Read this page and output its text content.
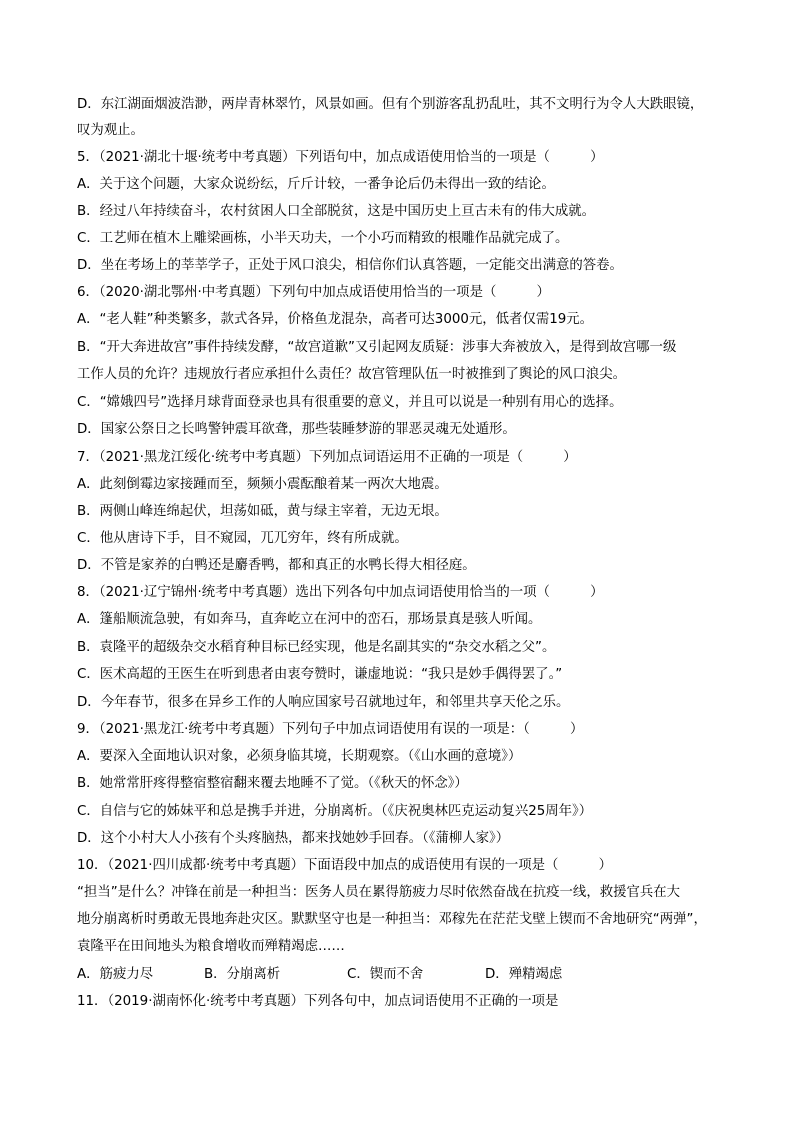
D．东江湖面烟波浩渺，两岸青林翠竹，风景如画。但有个别游客乱扔乱吐，其不文明行为令人大跌眼镜，
叹为观止。
5．（2021·湖北十堰·统考中考真题）下列语句中，加点成语使用恰当的一项是（　　　）
A．关于这个问题，大家众说纷纭，斤斤计较，一番争论后仍未得出一致的结论。
B．经过八年持续奋斗，农村贫困人口全部脱贫，这是中国历史上亘古未有的伟大成就。
C．工艺师在植木上雕梁画栋，小半天功夫，一个小巧而精致的根雕作品就完成了。
D．坐在考场上的莘莘学子，正处于风口浪尖，相信你们认真答题，一定能交出满意的答卷。
6．（2020·湖北鄂州·中考真题）下列句中加点成语使用恰当的一项是（　　　）
A．“老人鞋”种类繁多，款式各异，价格鱼龙混杂，高者可达3000元，低者仅需19元。
B．“开大奔进故宫”事件持续发酵，“故宫道歉”又引起网友质疑：涉事大奔被放入，是得到故宫哪一级
工作人员的允许？违规放行者应承担什么责任？故宫管理队伍一时被推到了舆论的风口浪尖。
C．“嫦娥四号”选择月球背面登录也具有很重要的意义，并且可以说是一种别有用心的选择。
D．国家公祭日之长鸣警钟震耳欲聋，那些装睡梦游的罪恶灵魂无处遁形。
7．（2021·黑龙江绥化·统考中考真题）下列加点词语运用不正确的一项是（　　　）
A．此刻倒霉边家接踵而至，频频小震酝酿着某一两次大地震。
B．两侧山峰连绵起伏，坦荡如砥，黄与绿主宰着，无边无垠。
C．他从唐诗下手，目不窥园，兀兀穷年，终有所成就。
D．不管是家养的白鸭还是麝香鸭，都和真正的水鸭长得大相径庭。
8．（2021·辽宁锦州·统考中考真题）选出下列各句中加点词语使用恰当的一项（　　　）
A．篷船顺流急驶，有如奔马，直奔屹立在河中的峦石，那场景真是骇人听闻。
B．袁隆平的超级杂交水稻育种目标已经实现，他是名副其实的“杂交水稻之父”。
C．医术高超的王医生在听到患者由衷夸赞时，谦虚地说：“我只是妙手偶得罢了。”
D．今年春节，很多在异乡工作的人响应国家号召就地过年，和邻里共享天伦之乐。
9．（2021·黑龙江·统考中考真题）下列句子中加点词语使用有误的一项是：（　　　）
A．要深入全面地认识对象，必须身临其境，长期观察。（《山水画的意境》）
B．她常常肝疼得整宿整宿翻来覆去地睡不了觉。（《秋天的怀念》）
C．自信与它的姊妹平和总是携手并进，分崩离析。（《庆祝奥林匹克运动复兴25周年》）
D．这个小村大人小孩有个头疼脑热，都来找她妙手回春。（《蒲柳人家》）
10．（2021·四川成都·统考中考真题）下面语段中加点的成语使用有误的一项是（　　　）
“担当”是什么？冲锋在前是一种担当：医务人员在累得筋疲力尽时依然奋战在抗疫一线，救援官兵在大
地分崩离析时勇敢无畏地奔赴灾区。默默坚守也是一种担当：邓稼先在茫茫戈壁上锲而不舍地研究“两弹”，
袁隆平在田间地头为粮食增收而殚精竭虑……
A．筋疲力尽	B．分崩离析	C．锲而不舍	D．殚精竭虑
11．（2019·湖南怀化·统考中考真题）下列各句中，加点词语使用不正确的一项是
